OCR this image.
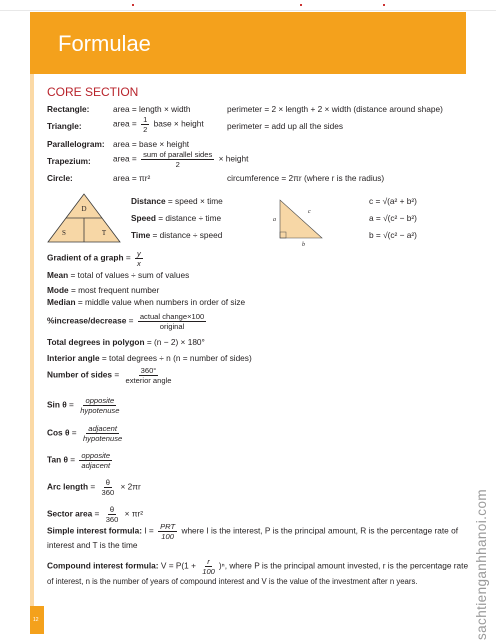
Formulae
12	sachtienganhhanoi.com
CORE SECTION
Rectangle:	area = length × width	perimeter = 2 × length + 2 × width (distance around shape)
Triangle:	area = $\frac{1}{2}$ base × height	perimeter = add up all the sides
Parallelogram: area = base × height
Trapezium:	area = $\frac{\text{sum of parallel sides}}{2}$ × height
Circle:	area = πr²	circumference = 2πr (where r is the radius)
D
S	T
Distance = speed × time
Speed = distance ÷ time
Time = distance ÷ speed
a
c
b
c = √(a² + b²)
a = √(c² − b²)
b = √(c² − a²)
Gradient of a graph = $\frac{y}{x}$
Mean = total of values ÷ sum of values
Mode = most frequent number
Median = middle value when numbers in order of size
%increase/decrease = $\frac{\text{actual change×100}}{\text{original}}$
Total degrees in polygon = (n − 2) × 180°
Interior angle = total degrees ÷ n (n = number of sides)
Number of sides = $\frac{360^\circ}{\text{exterior angle}}$
Sin $\theta = \frac{\text{opposite}}{\text{hypotenuse}}$
Cos $\theta = \frac{\text{adjacent}}{\text{hypotenuse}}$
Tan $\theta = \frac{\text{opposite}}{\text{adjacent}}$
Arc length = $\frac{\theta}{360} \times 2\pi r$
Sector area = $\frac{\theta}{360} \times \pi r^2$
Simple interest formula: $I = \frac{\text{PRT}}{100}$ where I is the interest, P is the principal amount, R is the percentage rate of
interest and T is the time
Compound interest formula: $V = P(1 + \frac{r}{100} )^n$, where P is the principal amount invested, r is the percentage rate
of interest, n is the number of years of compound interest and V is the value of the investment after n years.
